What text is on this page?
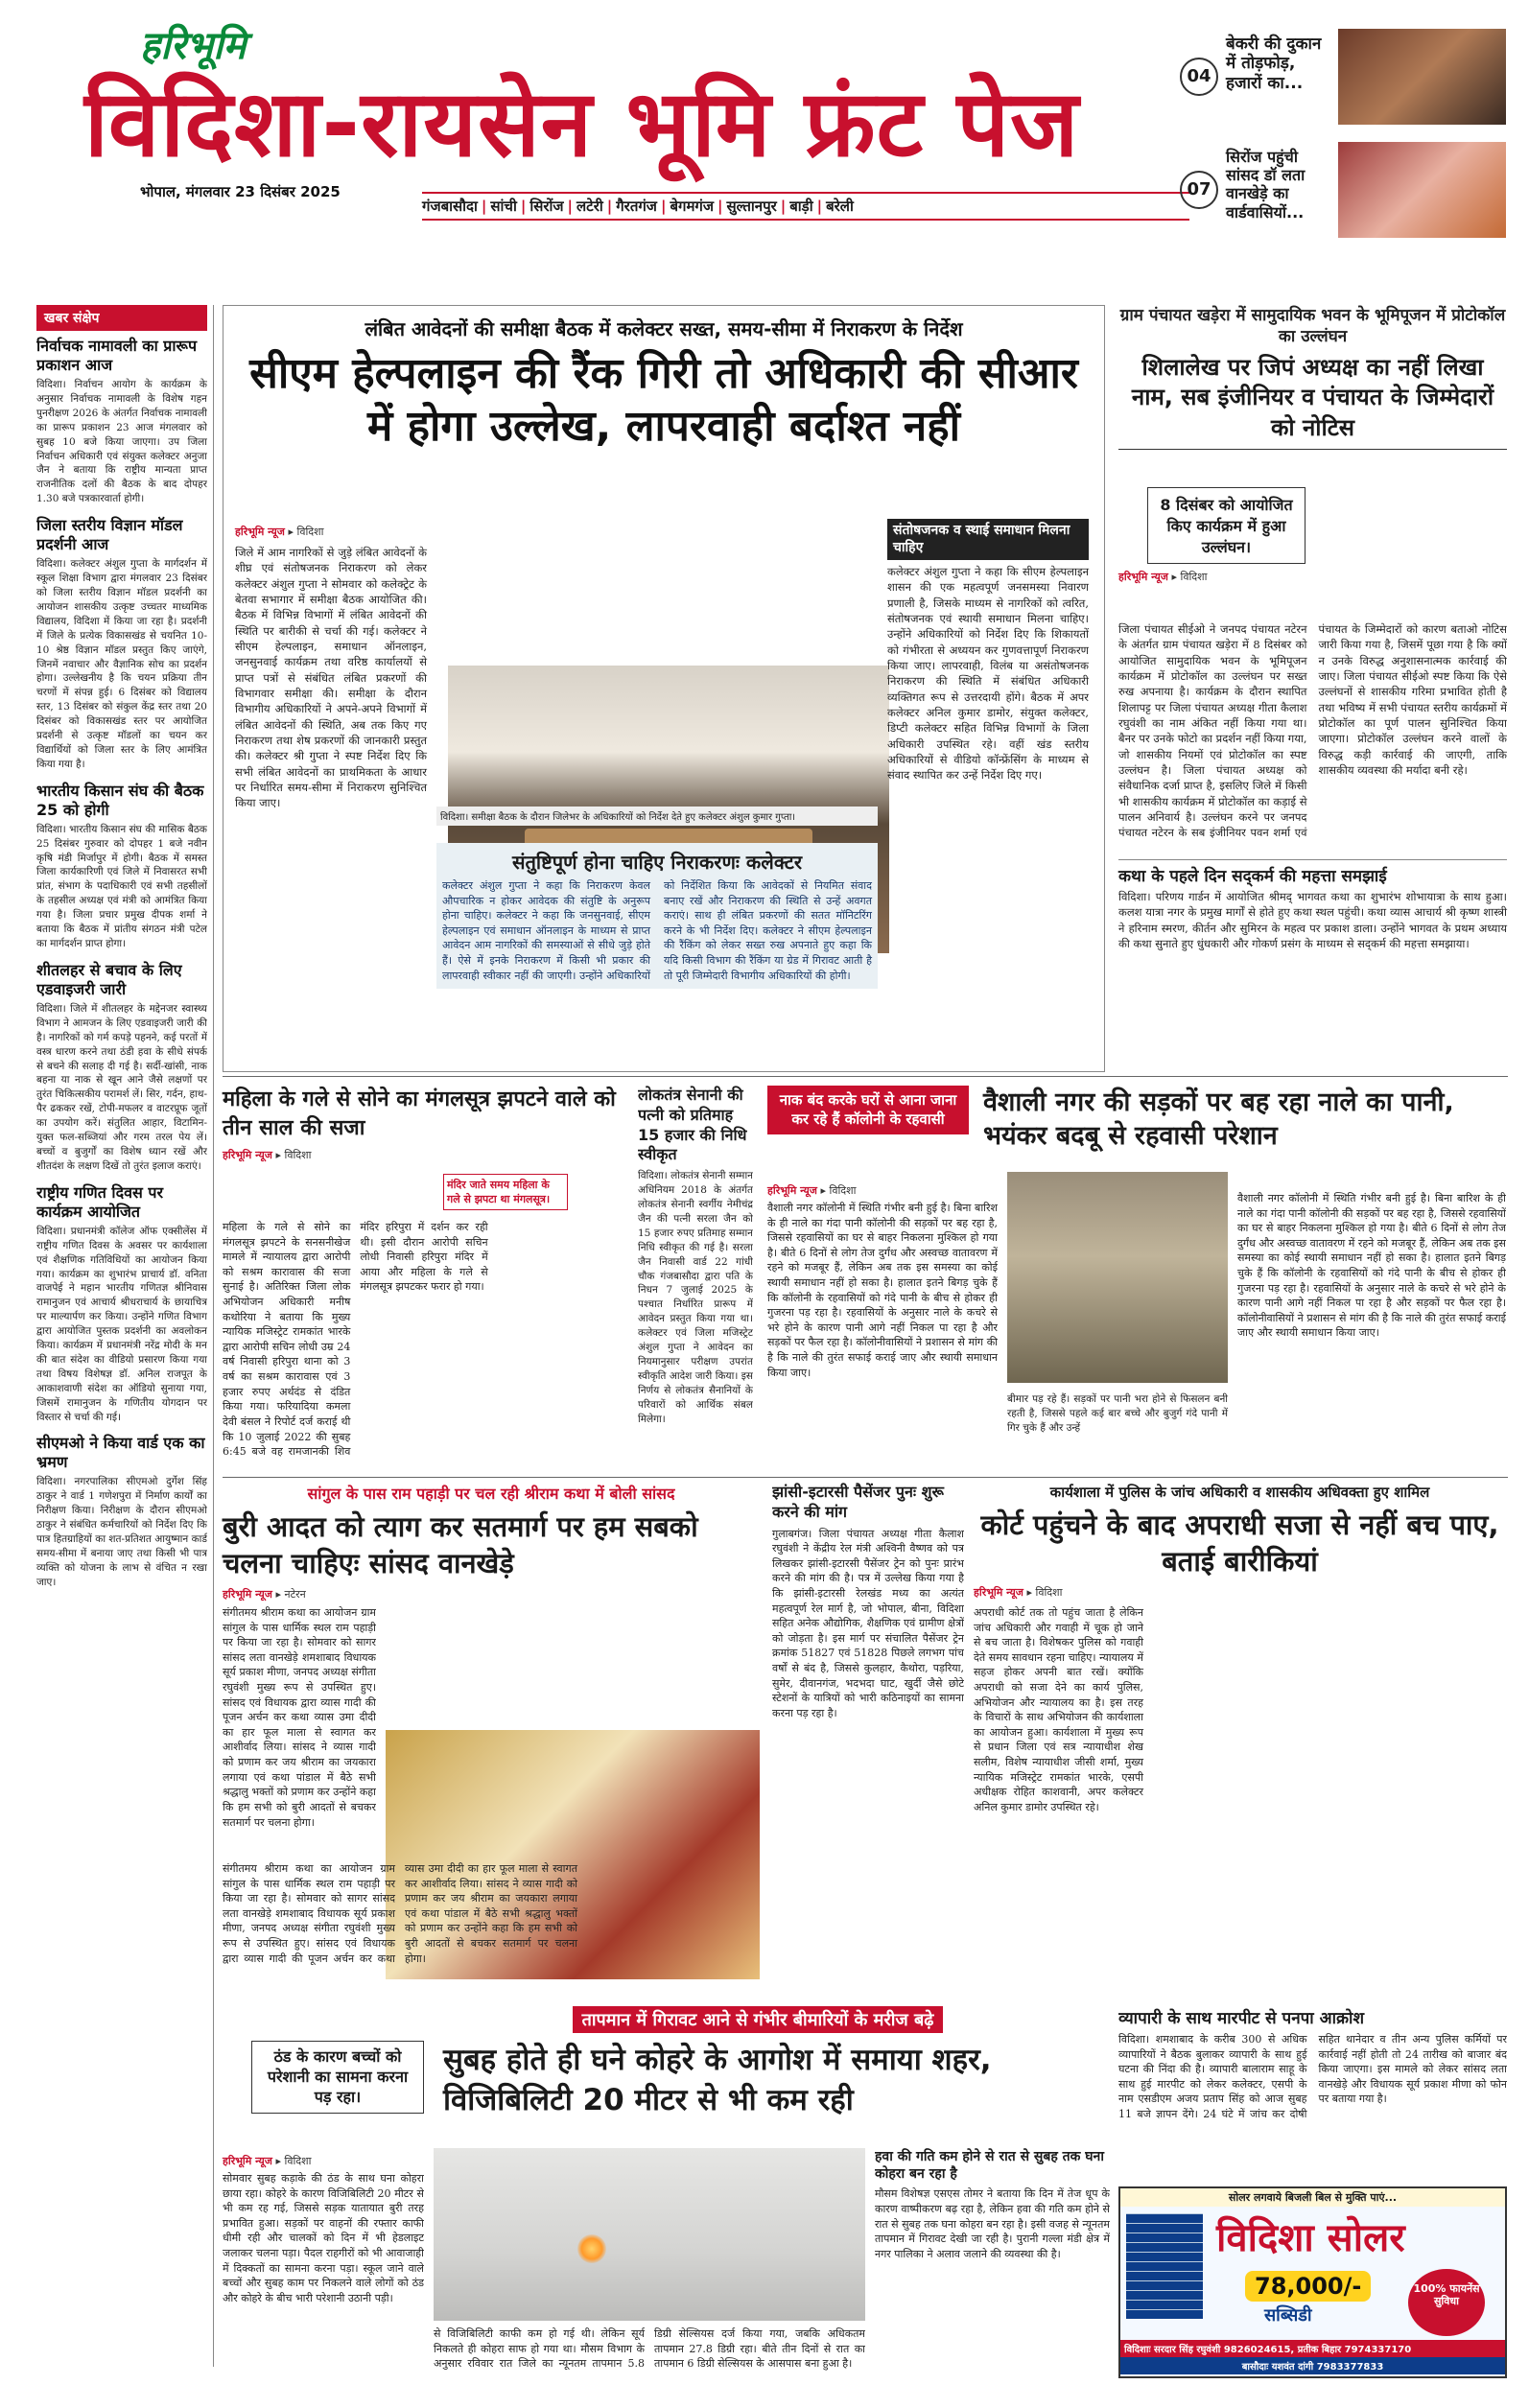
हरिभूमि
विदिशा-रायसेन भूमि फ्रंट पेज
भोपाल, मंगलवार 23 दिसंबर 2025
गंजबासौदा | सांची | सिरोंज | लटेरी | गैरतगंज | बेगमगंज | सुल्तानपुर | बाड़ी | बरेली
04
बेकरी की दुकान में तोड़फोड़, हजारों का...
07
सिरोंज पहुंची सांसद डॉ लता वानखेड़े का वार्डवासियों...
खबर संक्षेप
निर्वाचक नामावली का प्रारूप प्रकाशन आज
विदिशा। निर्वाचन आयोग के कार्यक्रम के अनुसार निर्वाचक नामावली के विशेष गहन पुनरीक्षण 2026 के अंतर्गत निर्वाचक नामावली का प्रारूप प्रकाशन 23 आज मंगलवार को सुबह 10 बजे किया जाएगा। उप जिला निर्वाचन अधिकारी एवं संयुक्त कलेक्टर अनुजा जैन ने बताया कि राष्ट्रीय मान्यता प्राप्त राजनीतिक दलों की बैठक के बाद दोपहर 1.30 बजे पत्रकारवार्ता होगी।
जिला स्तरीय विज्ञान मॉडल प्रदर्शनी आज
विदिशा। कलेक्टर अंशुल गुप्ता के मार्गदर्शन में स्कूल शिक्षा विभाग द्वारा मंगलवार 23 दिसंबर को जिला स्तरीय विज्ञान मॉडल प्रदर्शनी का आयोजन शासकीय उत्कृष्ट उच्चतर माध्यमिक विद्यालय, विदिशा में किया जा रहा है। प्रदर्शनी में जिले के प्रत्येक विकासखंड से चयनित 10-10 श्रेष्ठ विज्ञान मॉडल प्रस्तुत किए जाएंगे, जिनमें नवाचार और वैज्ञानिक सोच का प्रदर्शन होगा। उल्लेखनीय है कि चयन प्रक्रिया तीन चरणों में संपन्न हुई। 6 दिसंबर को विद्यालय स्तर, 13 दिसंबर को संकुल केंद्र स्तर तथा 20 दिसंबर को विकासखंड स्तर पर आयोजित प्रदर्शनी से उत्कृष्ट मॉडलों का चयन कर विद्यार्थियों को जिला स्तर के लिए आमंत्रित किया गया है।
भारतीय किसान संघ की बैठक 25 को होगी
विदिशा। भारतीय किसान संघ की मासिक बैठक 25 दिसंबर गुरुवार को दोपहर 1 बजे नवीन कृषि मंडी मिर्जापुर में होगी। बैठक में समस्त जिला कार्यकारिणी एवं जिले में निवासरत सभी प्रांत, संभाग के पदाधिकारी एवं सभी तहसीलों के तहसील अध्यक्ष एवं मंत्री को आमंत्रित किया गया है। जिला प्रचार प्रमुख दीपक शर्मा ने बताया कि बैठक में प्रांतीय संगठन मंत्री पटेल का मार्गदर्शन प्राप्त होगा।
शीतलहर से बचाव के लिए एडवाइजरी जारी
विदिशा। जिले में शीतलहर के मद्देनजर स्वास्थ्य विभाग ने आमजन के लिए एडवाइजरी जारी की है। नागरिकों को गर्म कपड़े पहनने, कई परतों में वस्त्र धारण करने तथा ठंडी हवा के सीधे संपर्क से बचने की सलाह दी गई है। सर्दी-खांसी, नाक बहना या नाक से खून आने जैसे लक्षणों पर तुरंत चिकित्सकीय परामर्श लें। सिर, गर्दन, हाथ-पैर ढककर रखें, टोपी-मफलर व वाटरप्रूफ जूतों का उपयोग करें। संतुलित आहार, विटामिन-युक्त फल-सब्जियां और गरम तरल पेय लें। बच्चों व बुजुर्गों का विशेष ध्यान रखें और शीतदंश के लक्षण दिखें तो तुरंत इलाज कराएं।
राष्ट्रीय गणित दिवस पर कार्यक्रम आयोजित
विदिशा। प्रधानमंत्री कॉलेज ऑफ एक्सीलेंस में राष्ट्रीय गणित दिवस के अवसर पर कार्यशाला एवं शैक्षणिक गतिविधियों का आयोजन किया गया। कार्यक्रम का शुभारंभ प्राचार्य डॉ. वनिता वाजपेई ने महान भारतीय गणितज्ञ श्रीनिवास रामानुजन एवं आचार्य श्रीधराचार्य के छायाचित्र पर माल्यार्पण कर किया। उन्होंने गणित विभाग द्वारा आयोजित पुस्तक प्रदर्शनी का अवलोकन किया। कार्यक्रम में प्रधानमंत्री नरेंद्र मोदी के मन की बात संदेश का वीडियो प्रसारण किया गया तथा विषय विशेषज्ञ डॉ. अनिल राजपूत के आकाशवाणी संदेश का ऑडियो सुनाया गया, जिसमें रामानुजन के गणितीय योगदान पर विस्तार से चर्चा की गई।
सीएमओ ने किया वार्ड एक का भ्रमण
विदिशा। नगरपालिका सीएमओ दुर्गेश सिंह ठाकुर ने वार्ड 1 गणेशपुरा में निर्माण कार्यों का निरीक्षण किया। निरीक्षण के दौरान सीएमओ ठाकुर ने संबंधित कर्मचारियों को निर्देश दिए कि पात्र हितग्राहियों का शत-प्रतिशत आयुष्मान कार्ड समय-सीमा में बनाया जाए तथा किसी भी पात्र व्यक्ति को योजना के लाभ से वंचित न रखा जाए।
लंबित आवेदनों की समीक्षा बैठक में कलेक्टर सख्त, समय-सीमा में निराकरण के निर्देश
सीएम हेल्पलाइन की रैंक गिरी तो अधिकारी की सीआर में होगा उल्लेख, लापरवाही बर्दाश्त नहीं
हरिभूमि न्यूज ▸ विदिशा
जिले में आम नागरिकों से जुड़े लंबित आवेदनों के शीघ्र एवं संतोषजनक निराकरण को लेकर कलेक्टर अंशुल गुप्ता ने सोमवार को कलेक्ट्रेट के बेतवा सभागार में समीक्षा बैठक आयोजित की। बैठक में विभिन्न विभागों में लंबित आवेदनों की स्थिति पर बारीकी से चर्चा की गई। कलेक्टर ने सीएम हेल्पलाइन, समाधान ऑनलाइन, जनसुनवाई कार्यक्रम तथा वरिष्ठ कार्यालयों से प्राप्त पत्रों से संबंधित लंबित प्रकरणों की विभागवार समीक्षा की। समीक्षा के दौरान विभागीय अधिकारियों ने अपने-अपने विभागों में लंबित आवेदनों की स्थिति, अब तक किए गए निराकरण तथा शेष प्रकरणों की जानकारी प्रस्तुत की। कलेक्टर श्री गुप्ता ने स्पष्ट निर्देश दिए कि सभी लंबित आवेदनों का प्राथमिकता के आधार पर निर्धारित समय-सीमा में निराकरण सुनिश्चित किया जाए।
विदिशा। समीक्षा बैठक के दौरान जिलेभर के अधिकारियों को निर्देश देते हुए कलेक्टर अंशुल कुमार गुप्ता।
संतोषजनक व स्थाई समाधान मिलना चाहिए
कलेक्टर अंशुल गुप्ता ने कहा कि सीएम हेल्पलाइन शासन की एक महत्वपूर्ण जनसमस्या निवारण प्रणाली है, जिसके माध्यम से नागरिकों को त्वरित, संतोषजनक एवं स्थायी समाधान मिलना चाहिए। उन्होंने अधिकारियों को निर्देश दिए कि शिकायतों को गंभीरता से अध्ययन कर गुणवत्तापूर्ण निराकरण किया जाए। लापरवाही, विलंब या असंतोषजनक निराकरण की स्थिति में संबंधित अधिकारी व्यक्तिगत रूप से उत्तरदायी होंगे। बैठक में अपर कलेक्टर अनिल कुमार डामोर, संयुक्त कलेक्टर, डिप्टी कलेक्टर सहित विभिन्न विभागों के जिला अधिकारी उपस्थित रहे। वहीं खंड स्तरीय अधिकारियों से वीडियो कॉन्फ्रेंसिंग के माध्यम से संवाद स्थापित कर उन्हें निर्देश दिए गए।
संतुष्टिपूर्ण होना चाहिए निराकरणः कलेक्टर
कलेक्टर अंशुल गुप्ता ने कहा कि निराकरण केवल औपचारिक न होकर आवेदक की संतुष्टि के अनुरूप होना चाहिए। कलेक्टर ने कहा कि जनसुनवाई, सीएम हेल्पलाइन एवं समाधान ऑनलाइन के माध्यम से प्राप्त आवेदन आम नागरिकों की समस्याओं से सीधे जुड़े होते हैं। ऐसे में इनके निराकरण में किसी भी प्रकार की लापरवाही स्वीकार नहीं की जाएगी। उन्होंने अधिकारियों को निर्देशित किया कि आवेदकों से नियमित संवाद बनाए रखें और निराकरण की स्थिति से उन्हें अवगत कराएं। साथ ही लंबित प्रकरणों की सतत मॉनिटरिंग करने के भी निर्देश दिए। कलेक्टर ने सीएम हेल्पलाइन की रैंकिंग को लेकर सख्त रुख अपनाते हुए कहा कि यदि किसी विभाग की रैंकिंग या ग्रेड में गिरावट आती है तो पूरी जिम्मेदारी विभागीय अधिकारियों की होगी।
ग्राम पंचायत खड़ेरा में सामुदायिक भवन के भूमिपूजन में प्रोटोकॉल का उल्लंघन
शिलालेख पर जिपं अध्यक्ष का नहीं लिखा नाम, सब इंजीनियर व पंचायत के जिम्मेदारों को नोटिस
8 दिसंबर को आयोजित किए कार्यक्रम में हुआ उल्लंघन।
हरिभूमि न्यूज ▸ विदिशा
जिला पंचायत सीईओ ने जनपद पंचायत नटेरन के अंतर्गत ग्राम पंचायत खड़ेरा में 8 दिसंबर को आयोजित सामुदायिक भवन के भूमिपूजन कार्यक्रम में प्रोटोकॉल का उल्लंघन पर सख्त रुख अपनाया है। कार्यक्रम के दौरान स्थापित शिलापट्ट पर जिला पंचायत अध्यक्ष गीता कैलाश रघुवंशी का नाम अंकित नहीं किया गया था। बैनर पर उनके फोटो का प्रदर्शन नहीं किया गया, जो शासकीय नियमों एवं प्रोटोकॉल का स्पष्ट उल्लंघन है। जिला पंचायत अध्यक्ष को संवैधानिक दर्जा प्राप्त है, इसलिए जिले में किसी भी शासकीय कार्यक्रम में प्रोटोकॉल का कड़ाई से पालन अनिवार्य है। उल्लंघन करने पर जनपद पंचायत नटेरन के सब इंजीनियर पवन शर्मा एवं पंचायत के जिम्मेदारों को कारण बताओ नोटिस जारी किया गया है, जिसमें पूछा गया है कि क्यों न उनके विरुद्ध अनुशासनात्मक कार्रवाई की जाए। जिला पंचायत सीईओ स्पष्ट किया कि ऐसे उल्लंघनों से शासकीय गरिमा प्रभावित होती है तथा भविष्य में सभी पंचायत स्तरीय कार्यक्रमों में प्रोटोकॉल का पूर्ण पालन सुनिश्चित किया जाएगा। प्रोटोकॉल उल्लंघन करने वालों के विरुद्ध कड़ी कार्रवाई की जाएगी, ताकि शासकीय व्यवस्था की मर्यादा बनी रहे।
कथा के पहले दिन सद्कर्म की महत्ता समझाई
विदिशा। परिणय गार्डन में आयोजित श्रीमद् भागवत कथा का शुभारंभ शोभायात्रा के साथ हुआ। कलश यात्रा नगर के प्रमुख मार्गों से होते हुए कथा स्थल पहुंची। कथा व्यास आचार्य श्री कृष्ण शास्त्री ने हरिनाम स्मरण, कीर्तन और सुमिरन के महत्व पर प्रकाश डाला। उन्होंने भागवत के प्रथम अध्याय की कथा सुनाते हुए धुंधकारी और गोकर्ण प्रसंग के माध्यम से सद्कर्म की महत्ता समझाया।
महिला के गले से सोने का मंगलसूत्र झपटने वाले को तीन साल की सजा
हरिभूमि न्यूज ▸ विदिशा
मंदिर जाते समय महिला के गले से झपटा था मंगलसूत्र।
महिला के गले से सोने का मंगलसूत्र झपटने के सनसनीखेज मामले में न्यायालय द्वारा आरोपी को सश्रम कारावास की सजा सुनाई है। अतिरिक्त जिला लोक अभियोजन अधिकारी मनीष कथोरिया ने बताया कि मुख्य न्यायिक मजिस्ट्रेट रामकांत भारके द्वारा आरोपी सचिन लोधी उम्र 24 वर्ष निवासी हरिपुरा थाना को 3 वर्ष का सश्रम कारावास एवं 3 हजार रुपए अर्थदंड से दंडित किया गया। फरियादिया कमला देवी बंसल ने रिपोर्ट दर्ज कराई थी कि 10 जुलाई 2022 की सुबह 6:45 बजे वह रामजानकी शिव मंदिर हरिपुरा में दर्शन कर रही थी। इसी दौरान आरोपी सचिन लोधी निवासी हरिपुरा मंदिर में आया और महिला के गले से मंगलसूत्र झपटकर फरार हो गया।
लोकतंत्र सेनानी की पत्नी को प्रतिमाह 15 हजार की निधि स्वीकृत
विदिशा। लोकतंत्र सेनानी सम्मान अधिनियम 2018 के अंतर्गत लोकतंत्र सेनानी स्वर्गीय नेमीचंद्र जैन की पत्नी सरला जैन को 15 हजार रुपए प्रतिमाह सम्मान निधि स्वीकृत की गई है। सरला जैन निवासी वार्ड 22 गांधी चौक गंजबासौदा द्वारा पति के निधन 7 जुलाई 2025 के पश्चात निर्धारित प्रारूप में आवेदन प्रस्तुत किया गया था। कलेक्टर एवं जिला मजिस्ट्रेट अंशुल गुप्ता ने आवेदन का नियमानुसार परीक्षण उपरांत स्वीकृति आदेश जारी किया। इस निर्णय से लोकतंत्र सैनानियों के परिवारों को आर्थिक संबल मिलेगा।
नाक बंद करके घरों से आना जाना कर रहे हैं कॉलोनी के रहवासी
वैशाली नगर की सड़कों पर बह रहा नाले का पानी, भयंकर बदबू से रहवासी परेशान
हरिभूमि न्यूज ▸ विदिशा
वैशाली नगर कॉलोनी में स्थिति गंभीर बनी हुई है। बिना बारिश के ही नाले का गंदा पानी कॉलोनी की सड़कों पर बह रहा है, जिससे रहवासियों का घर से बाहर निकलना मुश्किल हो गया है। बीते 6 दिनों से लोग तेज दुर्गंध और अस्वच्छ वातावरण में रहने को मजबूर हैं, लेकिन अब तक इस समस्या का कोई स्थायी समाधान नहीं हो सका है। हालात इतने बिगड़ चुके हैं कि कॉलोनी के रहवासियों को गंदे पानी के बीच से होकर ही गुजरना पड़ रहा है। रहवासियों के अनुसार नाले के कचरे से भरे होने के कारण पानी आगे नहीं निकल पा रहा है और सड़कों पर फैल रहा है। कॉलोनीवासियों ने प्रशासन से मांग की है कि नाले की तुरंत सफाई कराई जाए और स्थायी समाधान किया जाए।
बीमार पड़ रहे हैं। सड़कों पर पानी भरा होने से फिसलन बनी रहती है, जिससे पहले कई बार बच्चे और बुजुर्ग गंदे पानी में गिर चुके हैं और उन्हें
वैशाली नगर कॉलोनी में स्थिति गंभीर बनी हुई है। बिना बारिश के ही नाले का गंदा पानी कॉलोनी की सड़कों पर बह रहा है, जिससे रहवासियों का घर से बाहर निकलना मुश्किल हो गया है। बीते 6 दिनों से लोग तेज दुर्गंध और अस्वच्छ वातावरण में रहने को मजबूर हैं, लेकिन अब तक इस समस्या का कोई स्थायी समाधान नहीं हो सका है। हालात इतने बिगड़ चुके हैं कि कॉलोनी के रहवासियों को गंदे पानी के बीच से होकर ही गुजरना पड़ रहा है। रहवासियों के अनुसार नाले के कचरे से भरे होने के कारण पानी आगे नहीं निकल पा रहा है और सड़कों पर फैल रहा है। कॉलोनीवासियों ने प्रशासन से मांग की है कि नाले की तुरंत सफाई कराई जाए और स्थायी समाधान किया जाए।
सांगुल के पास राम पहाड़ी पर चल रही श्रीराम कथा में बोली सांसद
बुरी आदत को त्याग कर सतमार्ग पर हम सबको चलना चाहिएः सांसद वानखेड़े
हरिभूमि न्यूज ▸ नटेरन
संगीतमय श्रीराम कथा का आयोजन ग्राम सांगुल के पास धार्मिक स्थल राम पहाड़ी पर किया जा रहा है। सोमवार को सागर सांसद लता वानखेड़े शमशाबाद विधायक सूर्य प्रकाश मीणा, जनपद अध्यक्ष संगीता रघुवंशी मुख्य रूप से उपस्थित हुए। सांसद एवं विधायक द्वारा व्यास गादी की पूजन अर्चन कर कथा व्यास उमा दीदी का हार फूल माला से स्वागत कर आशीर्वाद लिया। सांसद ने व्यास गादी को प्रणाम कर जय श्रीराम का जयकारा लगाया एवं कथा पांडाल में बैठे सभी श्रद्धालु भक्तों को प्रणाम कर उन्होंने कहा कि हम सभी को बुरी आदतों से बचकर सतमार्ग पर चलना होगा।
संगीतमय श्रीराम कथा का आयोजन ग्राम सांगुल के पास धार्मिक स्थल राम पहाड़ी पर किया जा रहा है। सोमवार को सागर सांसद लता वानखेड़े शमशाबाद विधायक सूर्य प्रकाश मीणा, जनपद अध्यक्ष संगीता रघुवंशी मुख्य रूप से उपस्थित हुए। सांसद एवं विधायक द्वारा व्यास गादी की पूजन अर्चन कर कथा व्यास उमा दीदी का हार फूल माला से स्वागत कर आशीर्वाद लिया। सांसद ने व्यास गादी को प्रणाम कर जय श्रीराम का जयकारा लगाया एवं कथा पांडाल में बैठे सभी श्रद्धालु भक्तों को प्रणाम कर उन्होंने कहा कि हम सभी को बुरी आदतों से बचकर सतमार्ग पर चलना होगा।
झांसी-इटारसी पैसेंजर पुनः शुरू करने की मांग
गुलाबगंज। जिला पंचायत अध्यक्ष गीता कैलाश रघुवंशी ने केंद्रीय रेल मंत्री अश्विनी वैष्णव को पत्र लिखकर झांसी-इटारसी पैसेंजर ट्रेन को पुनः प्रारंभ करने की मांग की है। पत्र में उल्लेख किया गया है कि झांसी-इटारसी रेलखंड मध्य का अत्यंत महत्वपूर्ण रेल मार्ग है, जो भोपाल, बीना, विदिशा सहित अनेक औद्योगिक, शैक्षणिक एवं ग्रामीण क्षेत्रों को जोड़ता है। इस मार्ग पर संचालित पैसेंजर ट्रेन क्रमांक 51827 एवं 51828 पिछले लगभग पांच वर्षों से बंद है, जिससे कुलहार, कैथोरा, पड़रिया, सुमेर, दीवानगंज, भदभदा घाट, खुर्दी जैसे छोटे स्टेशनों के यात्रियों को भारी कठिनाइयों का सामना करना पड़ रहा है।
कार्यशाला में पुलिस के जांच अधिकारी व शासकीय अधिवक्ता हुए शामिल
कोर्ट पहुंचने के बाद अपराधी सजा से नहीं बच पाए, बताई बारीकियां
हरिभूमि न्यूज ▸ विदिशा
अपराधी कोर्ट तक तो पहुंच जाता है लेकिन जांच अधिकारी और गवाही में चूक हो जाने से बच जाता है। विशेषकर पुलिस को गवाही देते समय सावधान रहना चाहिए। न्यायालय में सहज होकर अपनी बात रखें। क्योंकि अपराधी को सजा देने का कार्य पुलिस, अभियोजन और न्यायालय का है। इस तरह के विचारों के साथ अभियोजन की कार्यशाला का आयोजन हुआ। कार्यशाला में मुख्य रूप से प्रधान जिला एवं सत्र न्यायाधीश शेख सलीम, विशेष न्यायाधीश जीसी शर्मा, मुख्य न्यायिक मजिस्ट्रेट रामकांत भारके, एसपी अधीक्षक रोहित काशवानी, अपर कलेक्टर अनिल कुमार डामोर उपस्थित रहे।
तापमान में गिरावट आने से गंभीर बीमारियों के मरीज बढ़े
ठंड के कारण बच्चों को परेशानी का सामना करना पड़ रहा।
सुबह होते ही घने कोहरे के आगोश में समाया शहर, विजिबिलिटी 20 मीटर से भी कम रही
हरिभूमि न्यूज ▸ विदिशा
सोमवार सुबह कड़ाके की ठंड के साथ घना कोहरा छाया रहा। कोहरे के कारण विजिबिलिटी 20 मीटर से भी कम रह गई, जिससे सड़क यातायात बुरी तरह प्रभावित हुआ। सड़कों पर वाहनों की रफ्तार काफी धीमी रही और चालकों को दिन में भी हेडलाइट जलाकर चलना पड़ा। पैदल राहगीरों को भी आवाजाही में दिक्कतों का सामना करना पड़ा। स्कूल जाने वाले बच्चों और सुबह काम पर निकलने वाले लोगों को ठंड और कोहरे के बीच भारी परेशानी उठानी पड़ी।
से विजिबिलिटी काफी कम हो गई थी। लेकिन सूर्य निकलते ही कोहरा साफ हो गया था। मौसम विभाग के अनुसार रविवार रात जिले का न्यूनतम तापमान 5.8 डिग्री सेल्सियस दर्ज किया गया, जबकि अधिकतम तापमान 27.8 डिग्री रहा। बीते तीन दिनों से रात का तापमान 6 डिग्री सेल्सियस के आसपास बना हुआ है।
हवा की गति कम होने से रात से सुबह तक घना कोहरा बन रहा है
मौसम विशेषज्ञ एसएस तोमर ने बताया कि दिन में तेज धूप के कारण वाष्पीकरण बढ़ रहा है, लेकिन हवा की गति कम होने से रात से सुबह तक घना कोहरा बन रहा है। इसी वजह से न्यूनतम तापमान में गिरावट देखी जा रही है। पुरानी गल्ला मंडी क्षेत्र में नगर पालिका ने अलाव जलाने की व्यवस्था की है।
व्यापारी के साथ मारपीट से पनपा आक्रोश
विदिशा। शमशाबाद के करीब 300 से अधिक व्यापारियों ने बैठक बुलाकर व्यापारी के साथ हुई घटना की निंदा की है। व्यापारी बालाराम साहू के साथ हुई मारपीट को लेकर कलेक्टर, एसपी के नाम एसडीएम अजय प्रताप सिंह को आज सुबह 11 बजे ज्ञापन देंगे। 24 घंटे में जांच कर दोषी सहित थानेदार व तीन अन्य पुलिस कर्मियों पर कार्रवाई नहीं होती तो 24 तारीख को बाजार बंद किया जाएगा। इस मामले को लेकर सांसद लता वानखेड़े और विधायक सूर्य प्रकाश मीणा को फोन पर बताया गया है।
सोलर लगवाये बिजली बिल से मुक्ति पाएं...
विदिशा सोलर
78,000/-
सब्सिडी
100% फायनेंस सुविधा
विदिशाः सरदार सिंह रघुवंशी 9826024615, प्रतीक बिहार 7974337170
बासौदाः यशवंत दांगी 7983377833
